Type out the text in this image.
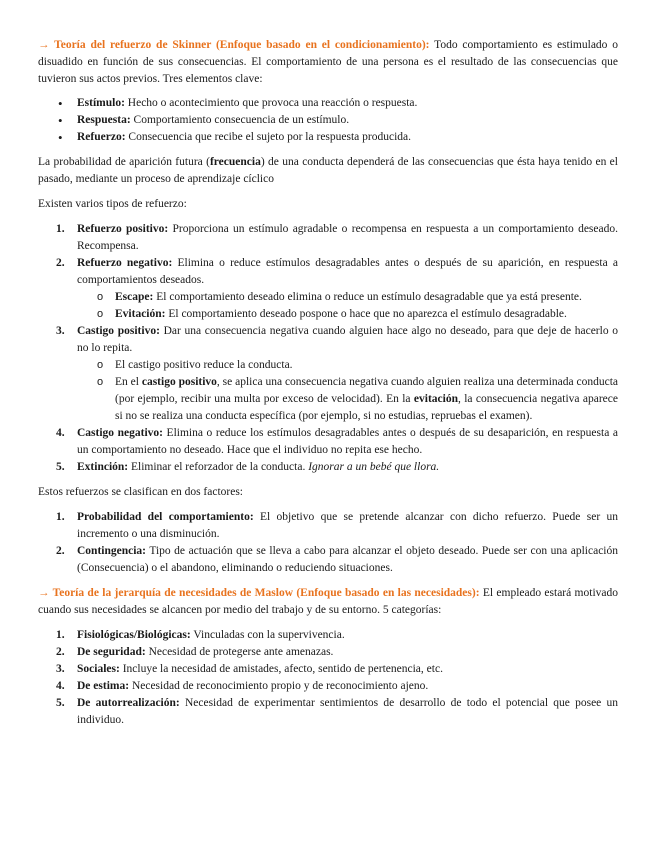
→ Teoría del refuerzo de Skinner (Enfoque basado en el condicionamiento): Todo comportamiento es estimulado o disuadido en función de sus consecuencias. El comportamiento de una persona es el resultado de las consecuencias que tuvieron sus actos previos. Tres elementos clave:

• Estímulo: Hecho o acontecimiento que provoca una reacción o respuesta.
• Respuesta: Comportamiento consecuencia de un estímulo.
• Refuerzo: Consecuencia que recibe el sujeto por la respuesta producida.

La probabilidad de aparición futura (frecuencia) de una conducta dependerá de las consecuencias que ésta haya tenido en el pasado, mediante un proceso de aprendizaje cíclico

Existen varios tipos de refuerzo:

1. Refuerzo positivo: Proporciona un estímulo agradable o recompensa en respuesta a un comportamiento deseado. Recompensa.
2. Refuerzo negativo: Elimina o reduce estímulos desagradables antes o después de su aparición, en respuesta a comportamientos deseados.
o Escape: El comportamiento deseado elimina o reduce un estímulo desagradable que ya está presente.
o Evitación: El comportamiento deseado pospone o hace que no aparezca el estímulo desagradable.
3. Castigo positivo: Dar una consecuencia negativa cuando alguien hace algo no deseado, para que deje de hacerlo o no lo repita.
o El castigo positivo reduce la conducta.
o En el castigo positivo, se aplica una consecuencia negativa cuando alguien realiza una determinada conducta (por ejemplo, recibir una multa por exceso de velocidad). En la evitación, la consecuencia negativa aparece si no se realiza una conducta específica (por ejemplo, si no estudias, repruebas el examen).
4. Castigo negativo: Elimina o reduce los estímulos desagradables antes o después de su desaparición, en respuesta a un comportamiento no deseado. Hace que el individuo no repita ese hecho.
5. Extinción: Eliminar el reforzador de la conducta. Ignorar a un bebé que llora.

Estos refuerzos se clasifican en dos factores:

1. Probabilidad del comportamiento: El objetivo que se pretende alcanzar con dicho refuerzo. Puede ser un incremento o una disminución.
2. Contingencia: Tipo de actuación que se lleva a cabo para alcanzar el objeto deseado. Puede ser con una aplicación (Consecuencia) o el abandono, eliminando o reduciendo situaciones.

→ Teoría de la jerarquía de necesidades de Maslow (Enfoque basado en las necesidades): El empleado estará motivado cuando sus necesidades se alcancen por medio del trabajo y de su entorno. 5 categorías:

1. Fisiológicas/Biológicas: Vinculadas con la supervivencia.
2. De seguridad: Necesidad de protegerse ante amenazas.
3. Sociales: Incluye la necesidad de amistades, afecto, sentido de pertenencia, etc.
4. De estima: Necesidad de reconocimiento propio y de reconocimiento ajeno.
5. De autorrealización: Necesidad de experimentar sentimientos de desarrollo de todo el potencial que posee un individuo.
